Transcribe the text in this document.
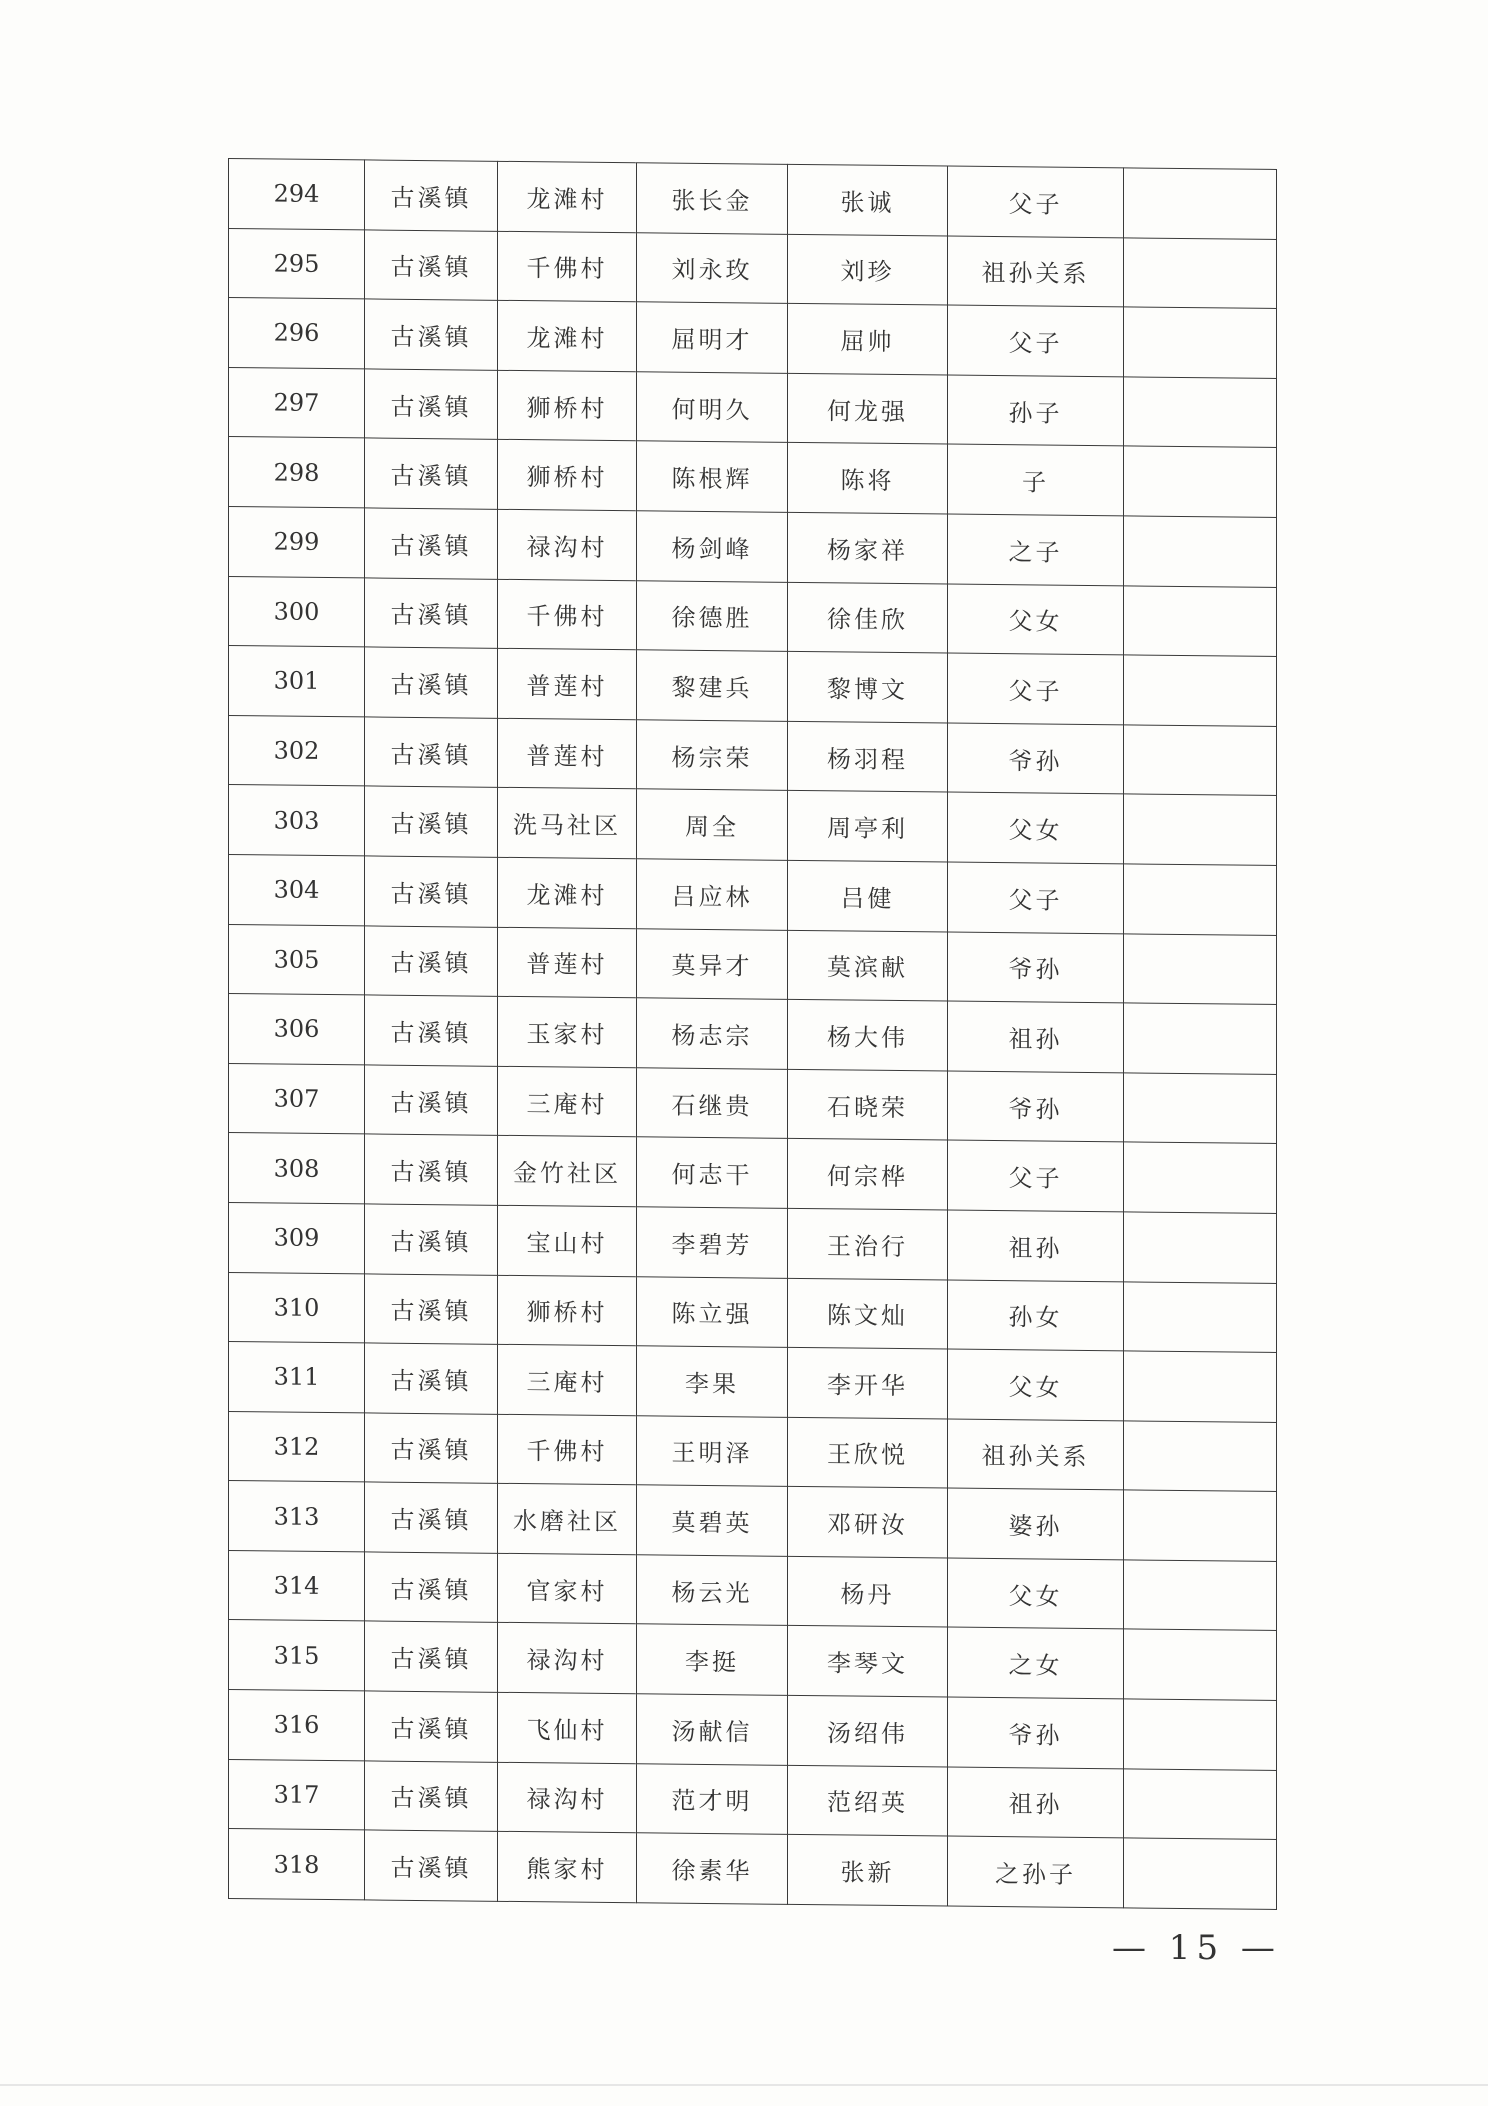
294	古溪镇	龙滩村	张长金	张诚	父子	
295	古溪镇	千佛村	刘永玫	刘珍	祖孙关系	
296	古溪镇	龙滩村	屈明才	屈帅	父子	
297	古溪镇	狮桥村	何明久	何龙强	孙子	
298	古溪镇	狮桥村	陈根辉	陈将	子	
299	古溪镇	禄沟村	杨剑峰	杨家祥	之子	
300	古溪镇	千佛村	徐德胜	徐佳欣	父女	
301	古溪镇	普莲村	黎建兵	黎博文	父子	
302	古溪镇	普莲村	杨宗荣	杨羽程	爷孙	
303	古溪镇	洗马社区	周全	周亭利	父女	
304	古溪镇	龙滩村	吕应林	吕健	父子	
305	古溪镇	普莲村	莫异才	莫滨献	爷孙	
306	古溪镇	玉家村	杨志宗	杨大伟	祖孙	
307	古溪镇	三庵村	石继贵	石晓荣	爷孙	
308	古溪镇	金竹社区	何志干	何宗桦	父子	
309	古溪镇	宝山村	李碧芳	王治行	祖孙	
310	古溪镇	狮桥村	陈立强	陈文灿	孙女	
311	古溪镇	三庵村	李果	李开华	父女	
312	古溪镇	千佛村	王明泽	王欣悦	祖孙关系	
313	古溪镇	水磨社区	莫碧英	邓研汝	婆孙	
314	古溪镇	官家村	杨云光	杨丹	父女	
315	古溪镇	禄沟村	李挺	李琴文	之女	
316	古溪镇	飞仙村	汤献信	汤绍伟	爷孙	
317	古溪镇	禄沟村	范才明	范绍英	祖孙	
318	古溪镇	熊家村	徐素华	张新	之孙子	
— 15 —
